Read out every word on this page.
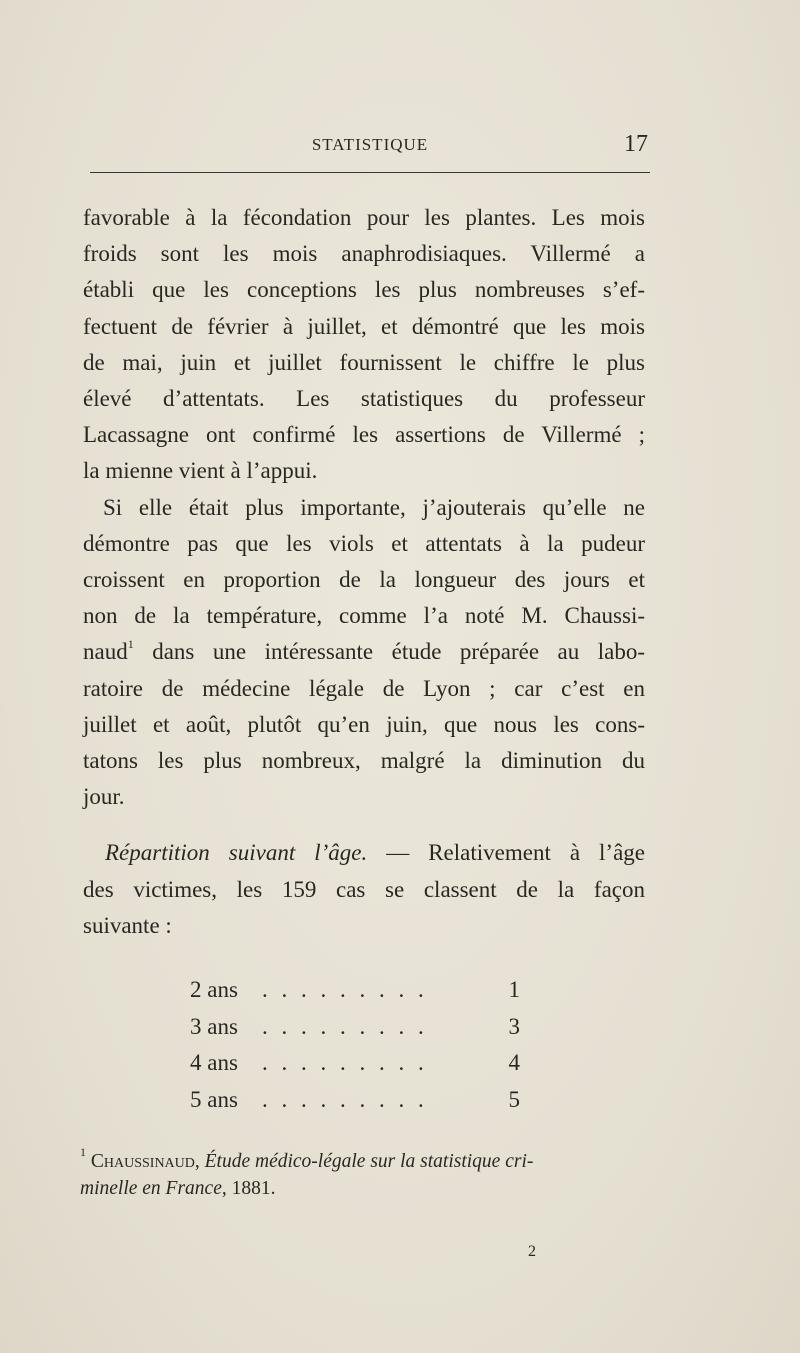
STATISTIQUE	17
favorable à la fécondation pour les plantes. Les mois
froids sont les mois anaphrodisiaques. Villermé a
établi que les conceptions les plus nombreuses s’ef-
fectuent de février à juillet, et démontré que les mois
de mai, juin et juillet fournissent le chiffre le plus
élevé d’attentats. Les statistiques du professeur
Lacassagne ont confirmé les assertions de Villermé ;
la mienne vient à l’appui.
Si elle était plus importante, j’ajouterais qu’elle ne
démontre pas que les viols et attentats à la pudeur
croissent en proportion de la longueur des jours et
non de la température, comme l’a noté M. Chaussi-
naud$^1$ dans une intéressante étude préparée au labo-
ratoire de médecine légale de Lyon ; car c’est en
juillet et août, plutôt qu’en juin, que nous les cons-
tatons les plus nombreux, malgré la diminution du
jour.
Répartition suivant l’âge. — Relativement à l’âge
des victimes, les 159 cas se classent de la façon
suivante :
2 ans . . . . . . . . .	1
3 ans . . . . . . . . .	3
4 ans . . . . . . . . .	4
5 ans . . . . . . . . .	5
$^1$ Chaussinaud, Étude médico-légale sur la statistique cri-
minelle en France, 1881.
2
